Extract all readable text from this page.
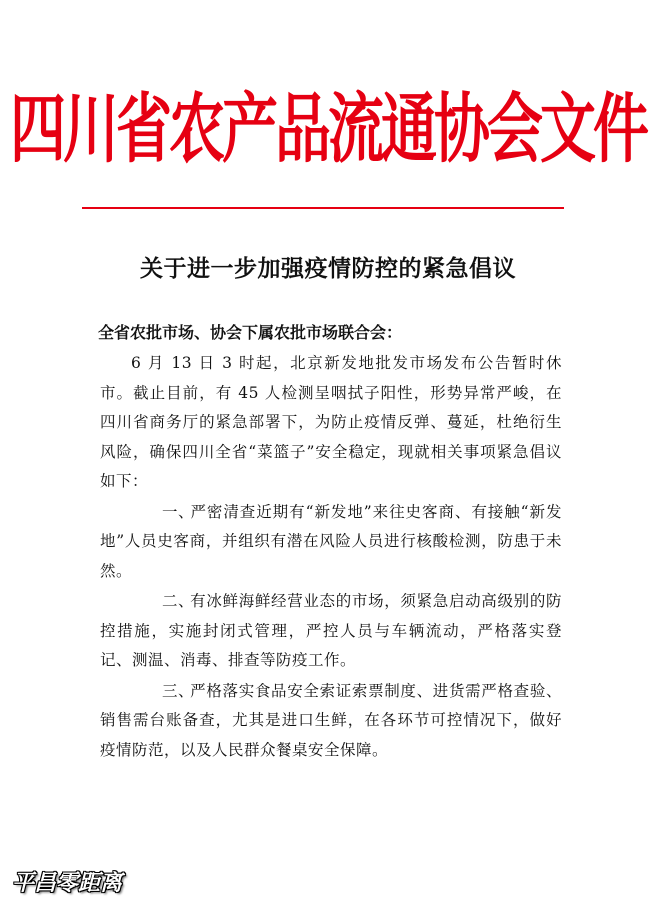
四川省农产品流通协会文件
关于进一步加强疫情防控的紧急倡议
全省农批市场、协会下属农批市场联合会：

6 月 13 日 3 时起，北京新发地批发市场发布公告暂时休市。截止目前，有 45 人检测呈咽拭子阳性，形势异常严峻，在四川省商务厅的紧急部署下，为防止疫情反弹、蔓延，杜绝衍生风险，确保四川全省“菜篮子”安全稳定，现就相关事项紧急倡议如下：

一、严密清查近期有“新发地”来往史客商、有接触“新发地”人员史客商，并组织有潜在风险人员进行核酸检测，防患于未然。

二、有冰鲜海鲜经营业态的市场，须紧急启动高级别的防控措施，实施封闭式管理，严控人员与车辆流动，严格落实登记、测温、消毒、排查等防疫工作。

三、严格落实食品安全索证索票制度、进货需严格查验、销售需台账备查，尤其是进口生鲜，在各环节可控情况下，做好疫情防范，以及人民群众餐桌安全保障。

平昌零距离
